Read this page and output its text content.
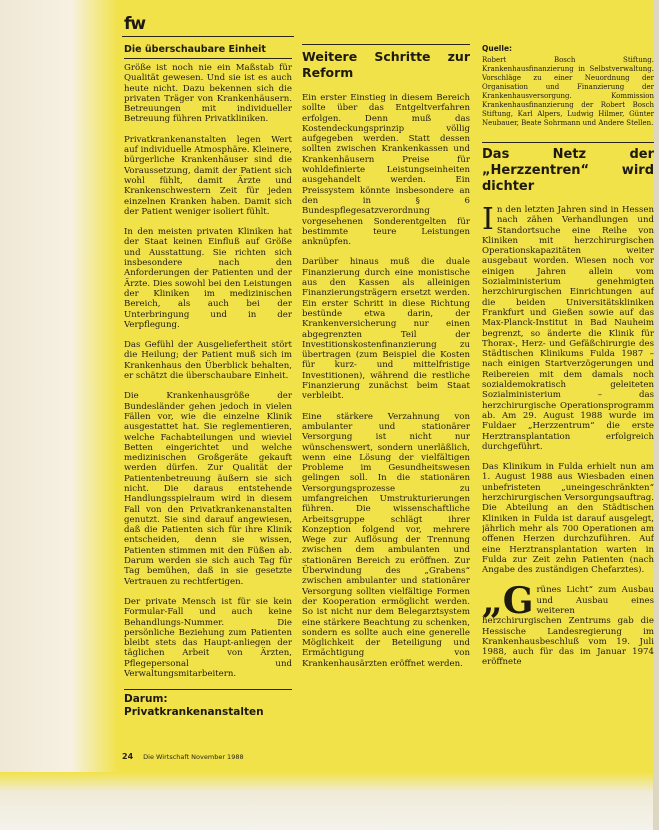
fw
Die überschaubare Einheit

Größe ist noch nie ein Maßstab für Qualität gewesen. Und sie ist es auch heute nicht. Dazu bekennen sich die privaten Träger von Krankenhäusern. Betreuungen mit individueller Betreuung führen Privatkliniken.

Privatkrankenanstalten legen Wert auf individuelle Atmosphäre. Kleinere, bürgerliche Krankenhäuser sind die Voraussetzung, damit der Patient sich wohl fühlt, damit Ärzte und Krankenschwestern Zeit für jeden einzelnen Kranken haben. Damit sich der Patient weniger isoliert fühlt.

In den meisten privaten Kliniken hat der Staat keinen Einfluß auf Größe und Ausstattung. Sie richten sich insbesondere nach den Anforderungen der Patienten und der Ärzte. Dies sowohl bei den Leistungen der Kliniken im medizinischen Bereich, als auch bei der Unterbringung und in der Verpflegung.

Das Gefühl der Ausgeliefertheit stört die Heilung; der Patient muß sich im Krankenhaus den Überblick behalten, er schätzt die überschaubare Einheit.

Die Krankenhausgröße der Bundesländer gehen jedoch in vielen Fällen vor, wie die einzelne Klinik ausgestattet hat. Sie reglementieren, welche Fachabteilungen und wieviel Betten eingerichtet und welche medizinischen Großgeräte gekauft werden dürfen. Zur Qualität der Patientenbetreuung äußern sie sich nicht. Die daraus entstehende Handlungsspielraum wird in diesem Fall von den Privatkrankenanstalten genutzt. Sie sind darauf angewiesen, daß die Patienten sich für ihre Klinik entscheiden, denn sie wissen, Patienten stimmen mit den Füßen ab. Darum werden sie sich auch Tag für Tag bemühen, daß in sie gesetzte Vertrauen zu rechtfertigen.

Der private Mensch ist für sie kein Formular-Fall und auch keine Behandlungs-Nummer. Die persönliche Beziehung zum Patienten bleibt stets das Haupt-anliegen der täglichen Arbeit von Ärzten, Pflegepersonal und Verwaltungsmitarbeitern.

Darum: Privatkrankenanstalten
Weitere Schritte zur Reform

Ein erster Einstieg in diesem Bereich sollte über das Entgeltverfahren erfolgen. Denn muß das Kostendeckungsprinzip völlig aufgegeben werden. Statt dessen sollten zwischen Krankenkassen und Krankenhäusern Preise für wohldefinierte Leistungseinheiten ausgehandelt werden. Ein Preissystem könnte insbesondere an den in § 6 Bundespflegesatzverordnung vorgesehenen Sonderentgelten für bestimmte teure Leistungen anknüpfen.

Darüber hinaus muß die duale Finanzierung durch eine monistische aus den Kassen als alleinigen Finanzierungsträgern ersetzt werden. Ein erster Schritt in diese Richtung bestünde etwa darin, der Krankenversicherung nur einen abgegrenzten Teil der Investitionskostenfinanzierung zu übertragen (zum Beispiel die Kosten für kurz- und mittelfristige Investitionen), während die restliche Finanzierung zunächst beim Staat verbleibt.

Eine stärkere Verzahnung von ambulanter und stationärer Versorgung ist nicht nur wünschenswert, sondern unerläßlich, wenn eine Lösung der vielfältigen Probleme im Gesundheitswesen gelingen soll. In die stationären Versorgungsprozesse zu umfangreichen Umstrukturierungen führen. Die wissenschaftliche Arbeitsgruppe schlägt ihrer Konzeption folgend vor, mehrere Wege zur Auflösung der Trennung zwischen dem ambulanten und stationären Bereich zu eröffnen. Zur Überwindung des „Grabens“ zwischen ambulanter und stationärer Versorgung sollten vielfältige Formen der Kooperation ermöglicht werden. So ist nicht nur dem Belegarztsystem eine stärkere Beachtung zu schenken, sondern es sollte auch eine generelle Möglichkeit der Beteiligung und Ermächtigung von Krankenhausärzten eröffnet werden.

Quelle:

Robert Bosch Stiftung. Krankenhausfinanzierung in Selbstverwaltung. Vorschläge zu einer Neuordnung der Organisation und Finanzierung der Krankenhausversorgung. Kommission Krankenhausfinanzierung der Robert Bosch Stiftung, Karl Alpers, Ludwig Hilmer, Günter Neubauer, Beate Sohrmann und Andere Stellen.

Das Netz der „Herzzentren“ wird dichter

In den letzten Jahren sind in Hessen nach zähen Verhandlungen und Standortsuche eine Reihe von Kliniken mit herzchirurgischen Operationskapazitäten weiter ausgebaut worden. Wiesen noch vor einigen Jahren allein vom Sozialministerium genehmigten herzchirurgischen Einrichtungen auf die beiden Universitätskliniken Frankfurt und Gießen sowie auf das Max-Planck-Institut in Bad Nauheim begrenzt, so änderte die Klinik für Thorax-, Herz- und Gefäßchirurgie des Städtischen Klinikums Fulda 1987 – nach einigen Startverzögerungen und Reibereien mit dem damals noch sozialdemokratisch geleiteten Sozialministerium – das herzchirurgische Operationsprogramm ab. Am 29. August 1988 wurde im Fuldaer „Herzzentrum“ die erste Herztransplantation erfolgreich durchgeführt.

Das Klinikum in Fulda erhielt nun am 1. August 1988 aus Wiesbaden einen unbefristeten „uneingeschränkten“ herzchirurgischen Versorgungsauftrag. Die Abteilung an den Städtischen Kliniken in Fulda ist darauf ausgelegt, jährlich mehr als 700 Operationen am offenen Herzen durchzuführen. Auf eine Herztransplantation warten in Fulda zur Zeit zehn Patienten (nach Angabe des zuständigen Chefarztes).

„Grünes Licht“ zum Ausbau und Ausbau eines weiteren herzchirurgischen Zentrums gab die Hessische Landesregierung im Krankenhausbeschluß vom 19. Juli 1988, auch für das im Januar 1974 eröffnete

24 Die Wirtschaft November 1988
